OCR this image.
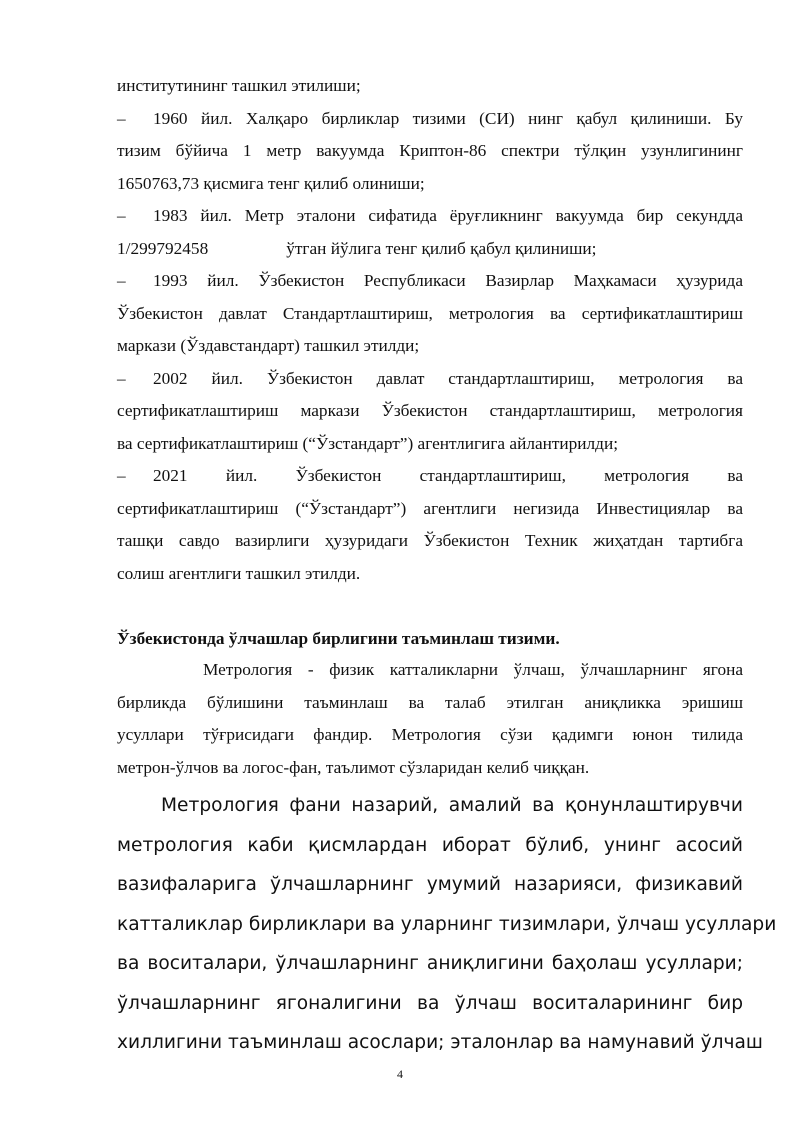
институтининг ташкил этилиши;
– 1960 йил. Халқаро бирликлар тизими (СИ) нинг қабул қилиниши. Бу
тизим бўйича 1 метр вакуумда Криптон-86 спектри тўлқин узунлигининг
1650763,73 қисмига тенг қилиб олиниши;
– 1983 йил. Метр эталони сифатида ёруғликнинг вакуумда бир секундда
1/299792458	ўтган йўлига тенг қилиб қабул қилиниши;
– 1993 йил. Ўзбекистон Республикаси Вазирлар Маҳкамаси ҳузурида
Ўзбекистон давлат Стандартлаштириш, метрология ва сертификатлаштириш
маркази (Ўздавстандарт) ташкил этилди;
– 2002 йил. Ўзбекистон давлат стандартлаштириш, метрология ва
сертификатлаштириш маркази Ўзбекистон стандартлаштириш, метрология
ва сертификатлаштириш (“Ўзстандарт”) агентлигига айлантирилди;
– 2021 йил. Ўзбекистон стандартлаштириш, метрология ва
сертификатлаштириш (“Ўзстандарт”) агентлиги негизида Инвестициялар ва
ташқи савдо вазирлиги ҳузуридаги Ўзбекистон Техник жиҳатдан тартибга
солиш агентлиги ташкил этилди.
Ўзбекистонда ўлчашлар бирлигини таъминлаш тизими.
Метрология - физик катталикларни ўлчаш, ўлчашларнинг ягона
бирликда бўлишини таъминлаш ва талаб этилган аниқликка эришиш
усуллари тўғрисидаги фандир. Метрология сўзи қадимги юнон тилида
метрон-ўлчов ва логос-фан, таълимот сўзларидан келиб чиққан.
Метрология фани назарий, амалий ва қонунлаштирувчи
метрология каби қисмлардан иборат бўлиб, унинг асосий
вазифаларига ўлчашларнинг умумий назарияси, физикавий
катталиклар бирликлари ва уларнинг тизимлари, ўлчаш усуллари
ва воситалари, ўлчашларнинг аниқлигини баҳолаш усуллари;
ўлчашларнинг ягоналигини ва ўлчаш воситаларининг бир
хиллигини таъминлаш асослари; эталонлар ва намунавий ўлчаш
4
